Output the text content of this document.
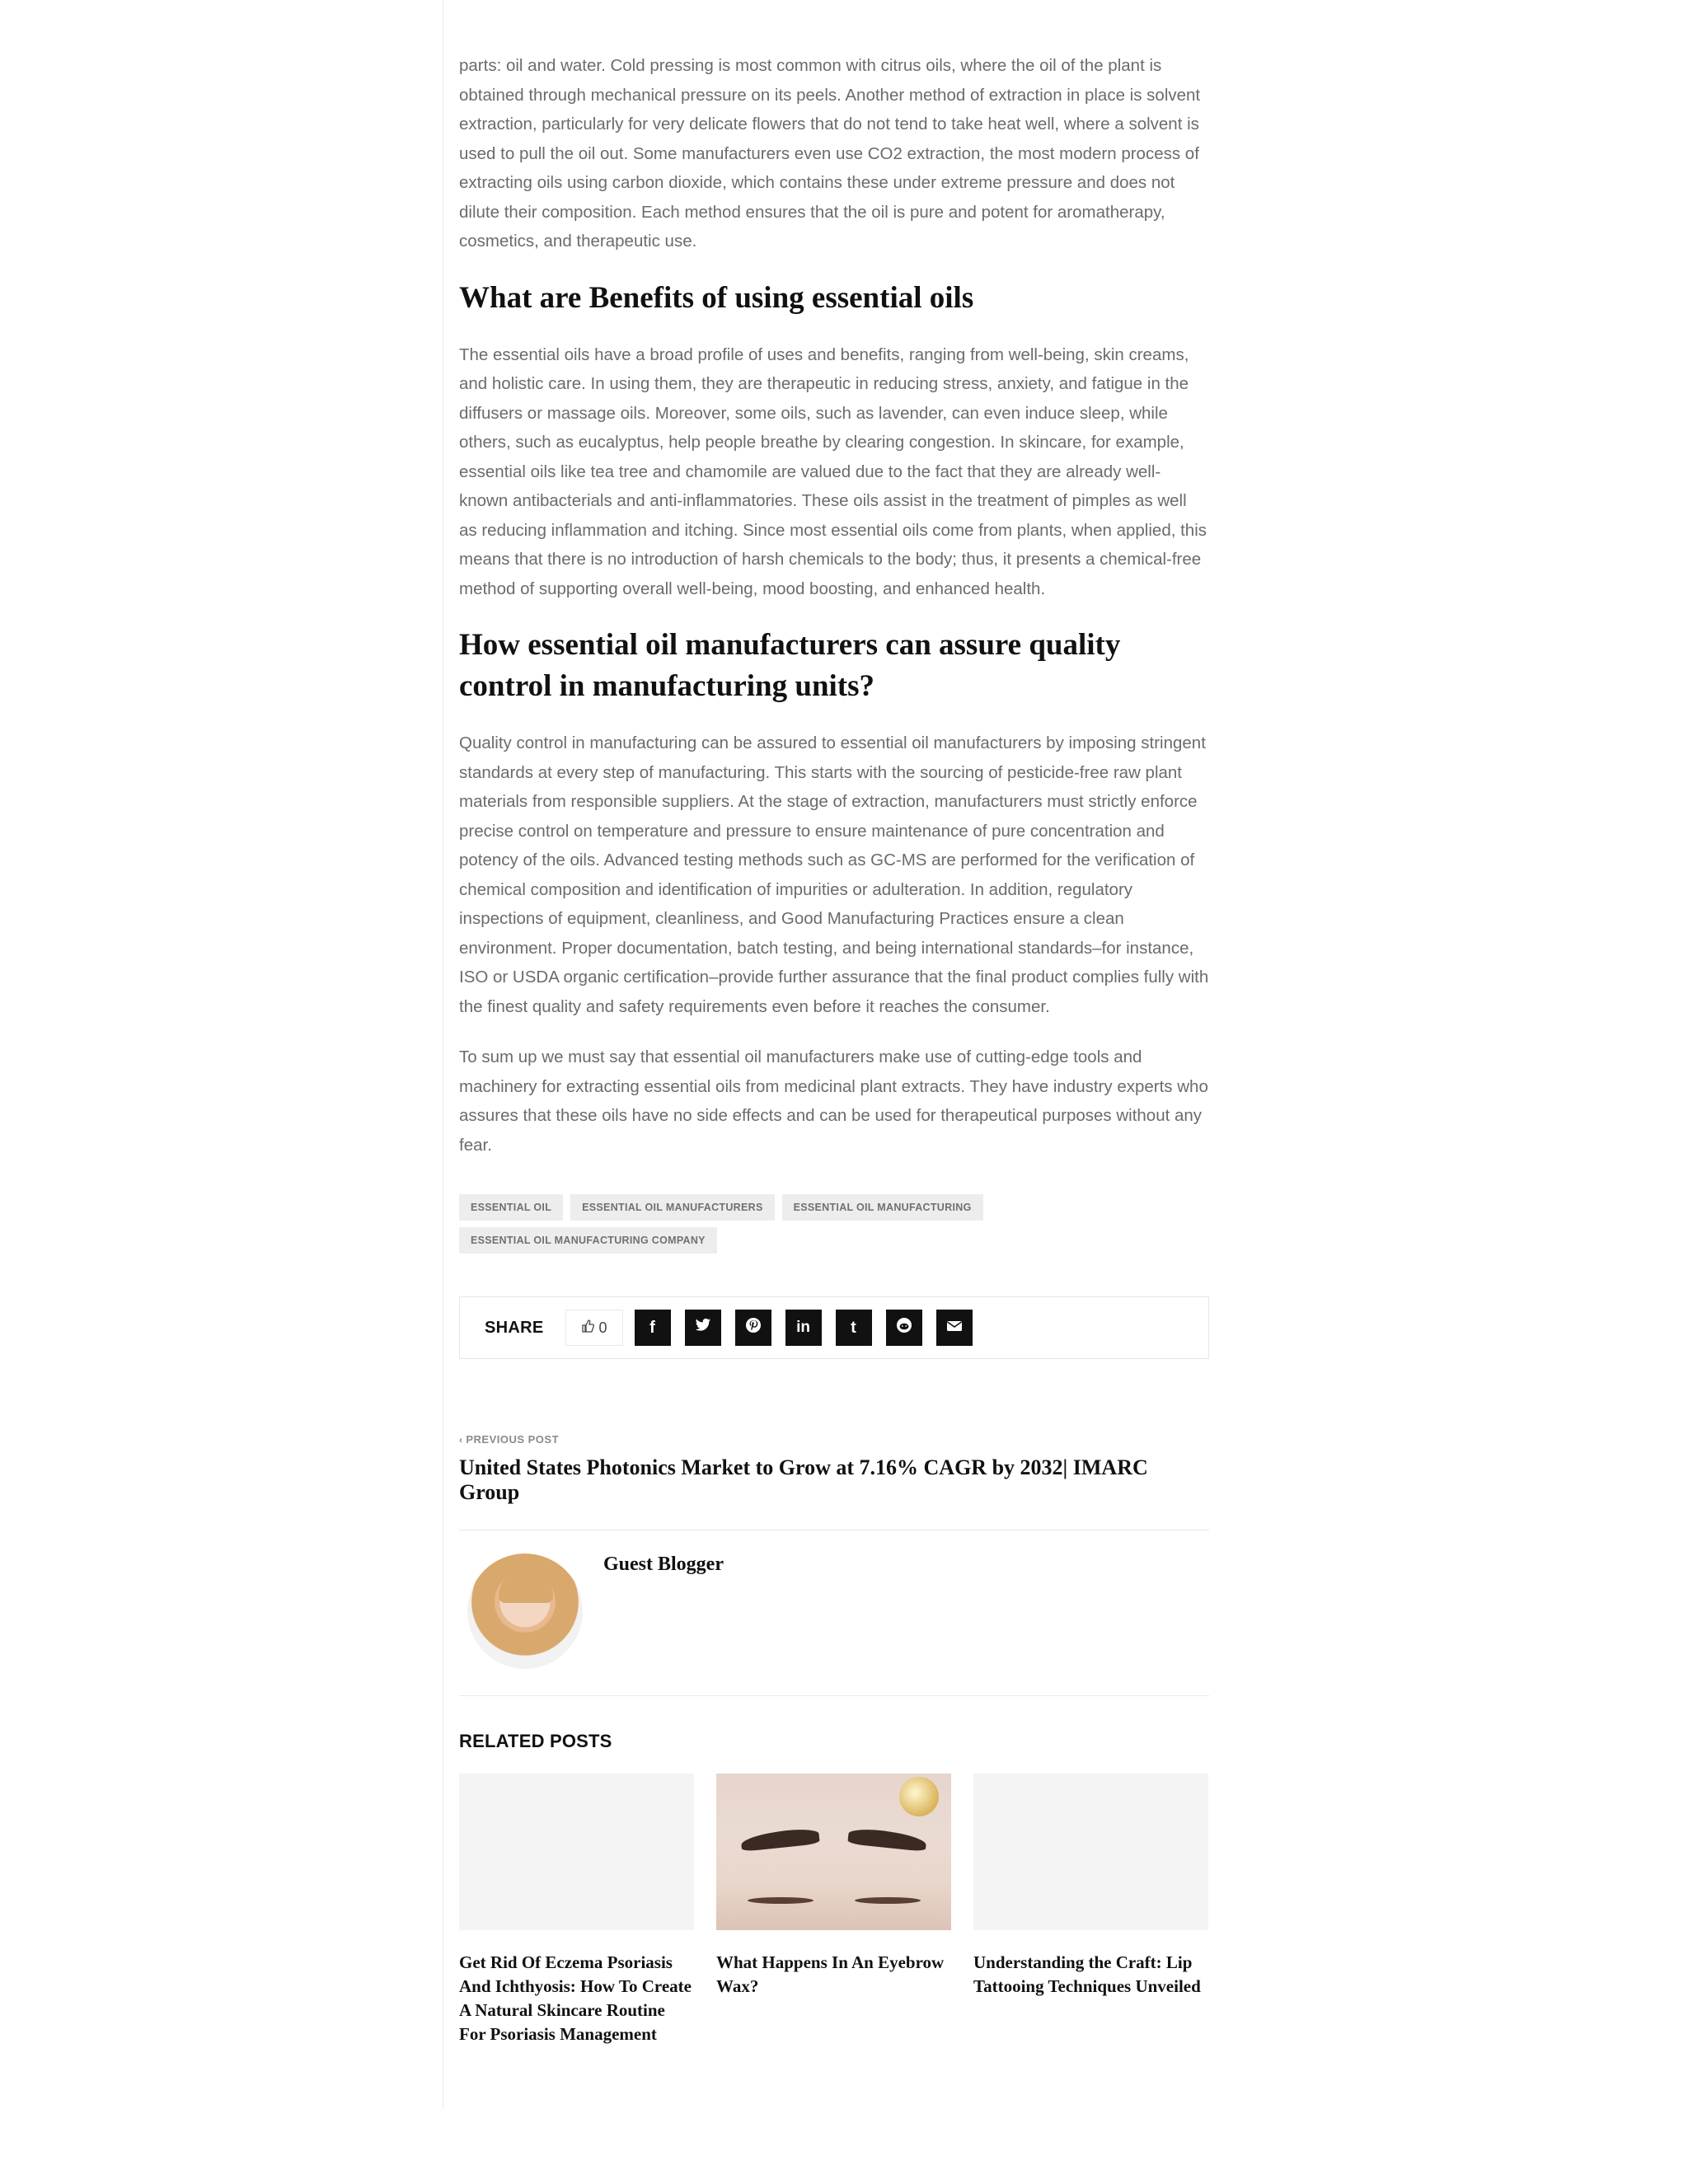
parts: oil and water. Cold pressing is most common with citrus oils, where the oil of the plant is obtained through mechanical pressure on its peels. Another method of extraction in place is solvent extraction, particularly for very delicate flowers that do not tend to take heat well, where a solvent is used to pull the oil out. Some manufacturers even use CO2 extraction, the most modern process of extracting oils using carbon dioxide, which contains these under extreme pressure and does not dilute their composition. Each method ensures that the oil is pure and potent for aromatherapy, cosmetics, and therapeutic use.

What are Benefits of using essential oils

The essential oils have a broad profile of uses and benefits, ranging from well-being, skin creams, and holistic care. In using them, they are therapeutic in reducing stress, anxiety, and fatigue in the diffusers or massage oils. Moreover, some oils, such as lavender, can even induce sleep, while others, such as eucalyptus, help people breathe by clearing congestion. In skincare, for example, essential oils like tea tree and chamomile are valued due to the fact that they are already well-known antibacterials and anti-inflammatories. These oils assist in the treatment of pimples as well as reducing inflammation and itching. Since most essential oils come from plants, when applied, this means that there is no introduction of harsh chemicals to the body; thus, it presents a chemical-free method of supporting overall well-being, mood boosting, and enhanced health.

How essential oil manufacturers can assure quality control in manufacturing units?

Quality control in manufacturing can be assured to essential oil manufacturers by imposing stringent standards at every step of manufacturing. This starts with the sourcing of pesticide-free raw plant materials from responsible suppliers. At the stage of extraction, manufacturers must strictly enforce precise control on temperature and pressure to ensure maintenance of pure concentration and potency of the oils. Advanced testing methods such as GC-MS are performed for the verification of chemical composition and identification of impurities or adulteration. In addition, regulatory inspections of equipment, cleanliness, and Good Manufacturing Practices ensure a clean environment. Proper documentation, batch testing, and being international standards–for instance, ISO or USDA organic certification–provide further assurance that the final product complies fully with the finest quality and safety requirements even before it reaches the consumer.

To sum up we must say that essential oil manufacturers make use of cutting-edge tools and machinery for extracting essential oils from medicinal plant extracts. They have industry experts who assures that these oils have no side effects and can be used for therapeutical purposes without any fear.

ESSENTIAL OIL	ESSENTIAL OIL MANUFACTURERS	ESSENTIAL OIL MANUFACTURING
ESSENTIAL OIL MANUFACTURING COMPANY
SHARE	0	f	in t
‹ PREVIOUS POST
United States Photonics Market to Grow at 7.16% CAGR by 2032| IMARC Group
Guest Blogger
RELATED POSTS
Get Rid Of Eczema Psoriasis And Ichthyosis: How To Create A Natural Skincare Routine For Psoriasis Management
What Happens In An Eyebrow Wax?
Understanding the Craft: Lip Tattooing Techniques Unveiled
